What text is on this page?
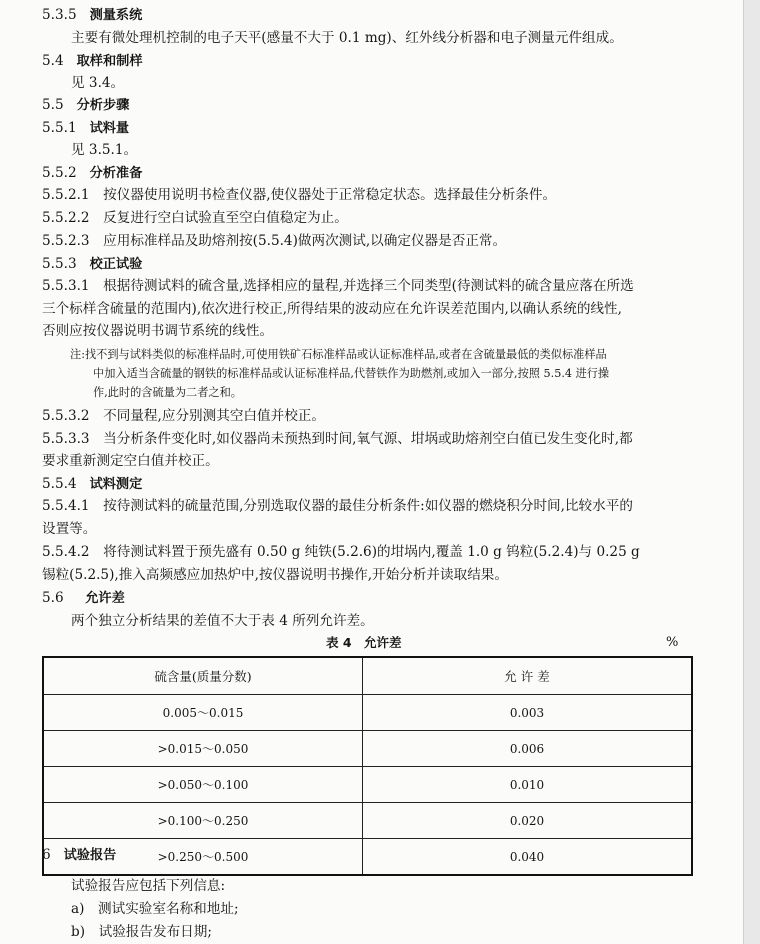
5.3.5 测量系统
主要有微处理机控制的电子天平(感量不大于 0.1 mg)、红外线分析器和电子测量元件组成。
5.4 取样和制样
见 3.4。
5.5 分析步骤
5.5.1 试料量
见 3.5.1。
5.5.2 分析准备
5.5.2.1　按仪器使用说明书检查仪器,使仪器处于正常稳定状态。选择最佳分析条件。
5.5.2.2　反复进行空白试验直至空白值稳定为止。
5.5.2.3　应用标准样品及助熔剂按(5.5.4)做两次测试,以确定仪器是否正常。
5.5.3 校正试验
5.5.3.1　根据待测试料的硫含量,选择相应的量程,并选择三个同类型(待测试料的硫含量应落在所选
三个标样含硫量的范围内),依次进行校正,所得结果的波动应在允许误差范围内,以确认系统的线性,
否则应按仪器说明书调节系统的线性。
注:找不到与试料类似的标准样品时,可使用铁矿石标准样品或认证标准样品,或者在含硫量最低的类似标准样品
中加入适当含硫量的钢铁的标准样品或认证标准样品,代替铁作为助燃剂,或加入一部分,按照 5.5.4 进行操
作,此时的含硫量为二者之和。
5.5.3.2　不同量程,应分别测其空白值并校正。
5.5.3.3　当分析条件变化时,如仪器尚未预热到时间,氧气源、坩埚或助熔剂空白值已发生变化时,都
要求重新测定空白值并校正。
5.5.4 试料测定
5.5.4.1　按待测试料的硫量范围,分别选取仪器的最佳分析条件:如仪器的燃烧积分时间,比较水平的
设置等。
5.5.4.2　将待测试料置于预先盛有 0.50 g 纯铁(5.2.6)的坩埚内,覆盖 1.0 g 钨粒(5.2.4)与 0.25 g
锡粒(5.2.5),推入高频感应加热炉中,按仪器说明书操作,开始分析并读取结果。
5.6 允许差
两个独立分析结果的差值不大于表 4 所列允许差。
表 4　允许差	%
硫含量(质量分数)	允 许 差
0.005～0.015	0.003
>0.015～0.050	0.006
>0.050～0.100	0.010
>0.100～0.250	0.020
>0.250～0.500	0.040
6 试验报告
试验报告应包括下列信息:
a)　测试实验室名称和地址;
b)　试验报告发布日期;
